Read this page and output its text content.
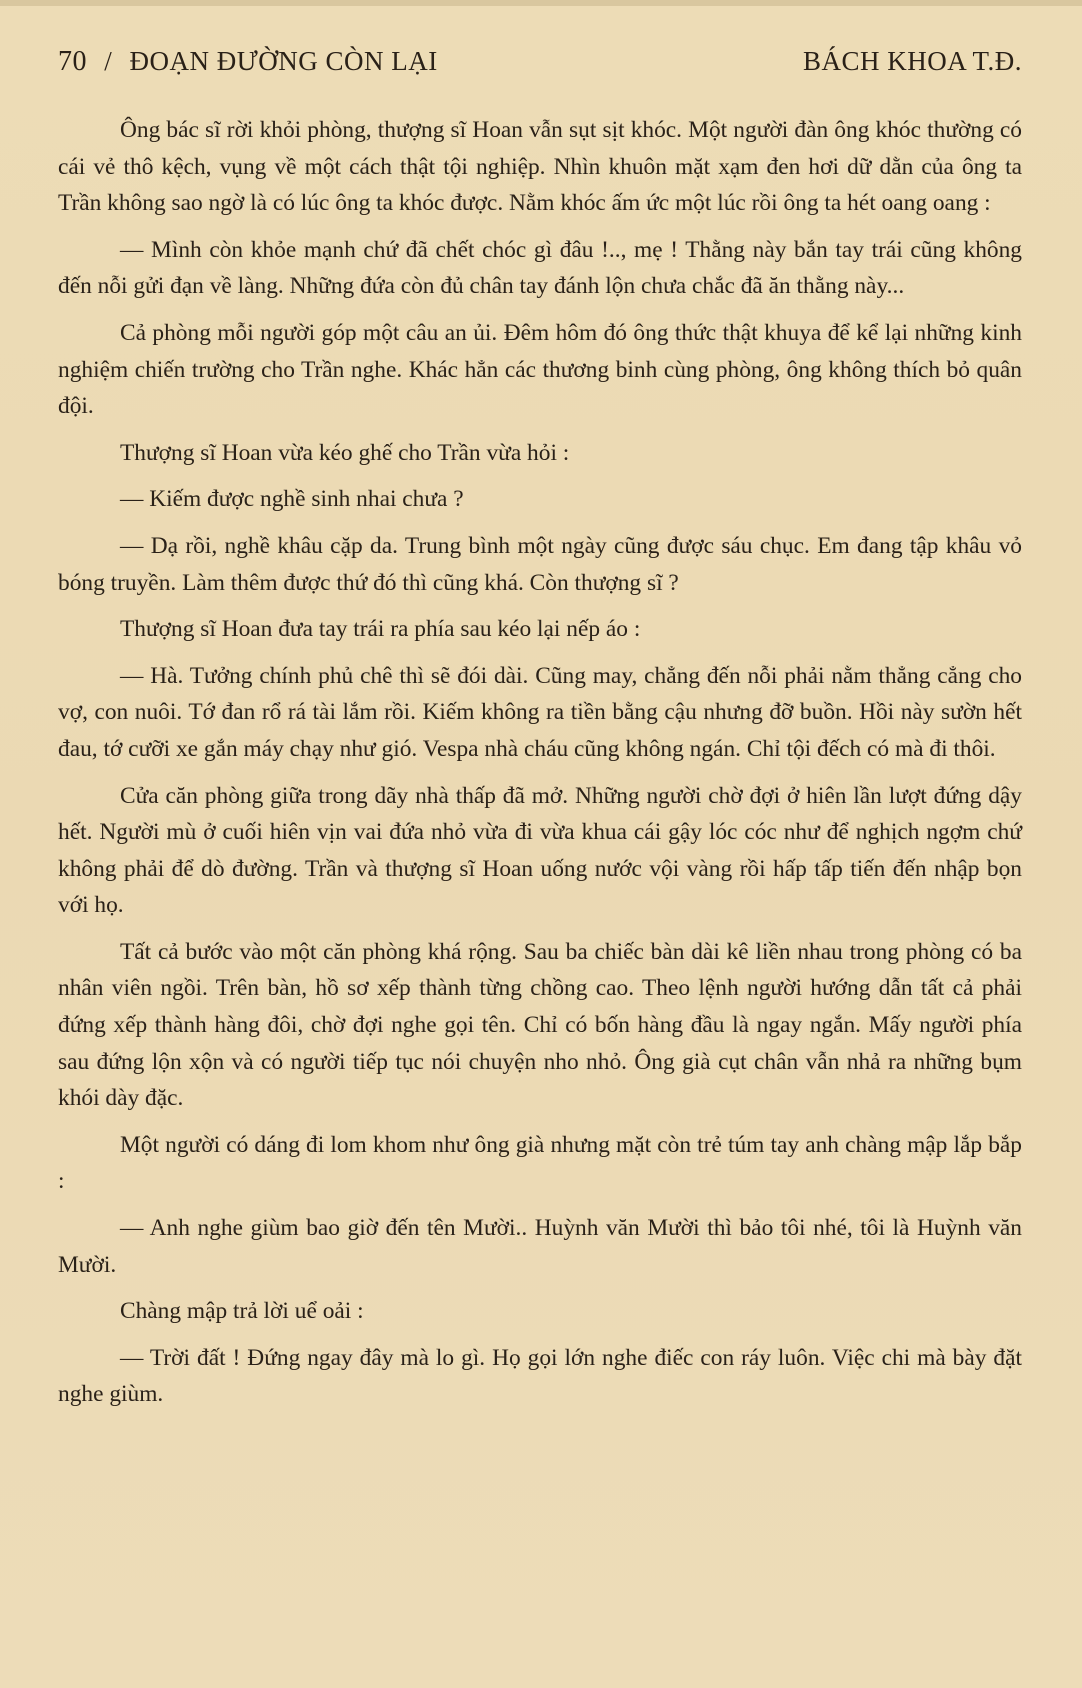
70 / ĐOẠN ĐƯỜNG CÒN LẠI	BÁCH KHOA T.Đ.

Ông bác sĩ rời khỏi phòng, thượng sĩ Hoan vẫn sụt sịt khóc. Một người đàn ông khóc thường có cái vẻ thô kệch, vụng về một cách thật tội nghiệp. Nhìn khuôn mặt xạm đen hơi dữ dằn của ông ta Trần không sao ngờ là có lúc ông ta khóc được. Nằm khóc ấm ức một lúc rồi ông ta hét oang oang :

— Mình còn khỏe mạnh chứ đã chết chóc gì đâu !.., mẹ ! Thằng này bắn tay trái cũng không đến nỗi gửi đạn về làng. Những đứa còn đủ chân tay đánh lộn chưa chắc đã ăn thằng này...

Cả phòng mỗi người góp một câu an ủi. Đêm hôm đó ông thức thật khuya để kể lại những kinh nghiệm chiến trường cho Trần nghe. Khác hẳn các thương binh cùng phòng, ông không thích bỏ quân đội.

Thượng sĩ Hoan vừa kéo ghế cho Trần vừa hỏi :

— Kiếm được nghề sinh nhai chưa ?

— Dạ rồi, nghề khâu cặp da. Trung bình một ngày cũng được sáu chục. Em đang tập khâu vỏ bóng truyền. Làm thêm được thứ đó thì cũng khá. Còn thượng sĩ ?

Thượng sĩ Hoan đưa tay trái ra phía sau kéo lại nếp áo :

— Hà. Tưởng chính phủ chê thì sẽ đói dài. Cũng may, chẳng đến nỗi phải nằm thẳng cẳng cho vợ, con nuôi. Tớ đan rổ rá tài lắm rồi. Kiếm không ra tiền bằng cậu nhưng đỡ buồn. Hồi này sườn hết đau, tớ cưỡi xe gắn máy chạy như gió. Vespa nhà cháu cũng không ngán. Chỉ tội đếch có mà đi thôi.

Cửa căn phòng giữa trong dãy nhà thấp đã mở. Những người chờ đợi ở hiên lần lượt đứng dậy hết. Người mù ở cuối hiên vịn vai đứa nhỏ vừa đi vừa khua cái gậy lóc cóc như để nghịch ngợm chứ không phải để dò đường. Trần và thượng sĩ Hoan uống nước vội vàng rồi hấp tấp tiến đến nhập bọn với họ.

Tất cả bước vào một căn phòng khá rộng. Sau ba chiếc bàn dài kê liền nhau trong phòng có ba nhân viên ngồi. Trên bàn, hồ sơ xếp thành từng chồng cao. Theo lệnh người hướng dẫn tất cả phải đứng xếp thành hàng đôi, chờ đợi nghe gọi tên. Chỉ có bốn hàng đầu là ngay ngắn. Mấy người phía sau đứng lộn xộn và có người tiếp tục nói chuyện nho nhỏ. Ông già cụt chân vẫn nhả ra những bụm khói dày đặc.

Một người có dáng đi lom khom như ông già nhưng mặt còn trẻ túm tay anh chàng mập lắp bắp :

— Anh nghe giùm bao giờ đến tên Mười.. Huỳnh văn Mười thì bảo tôi nhé, tôi là Huỳnh văn Mười.

Chàng mập trả lời uể oải :

— Trời đất ! Đứng ngay đây mà lo gì. Họ gọi lớn nghe điếc con ráy luôn. Việc chi mà bày đặt nghe giùm.
